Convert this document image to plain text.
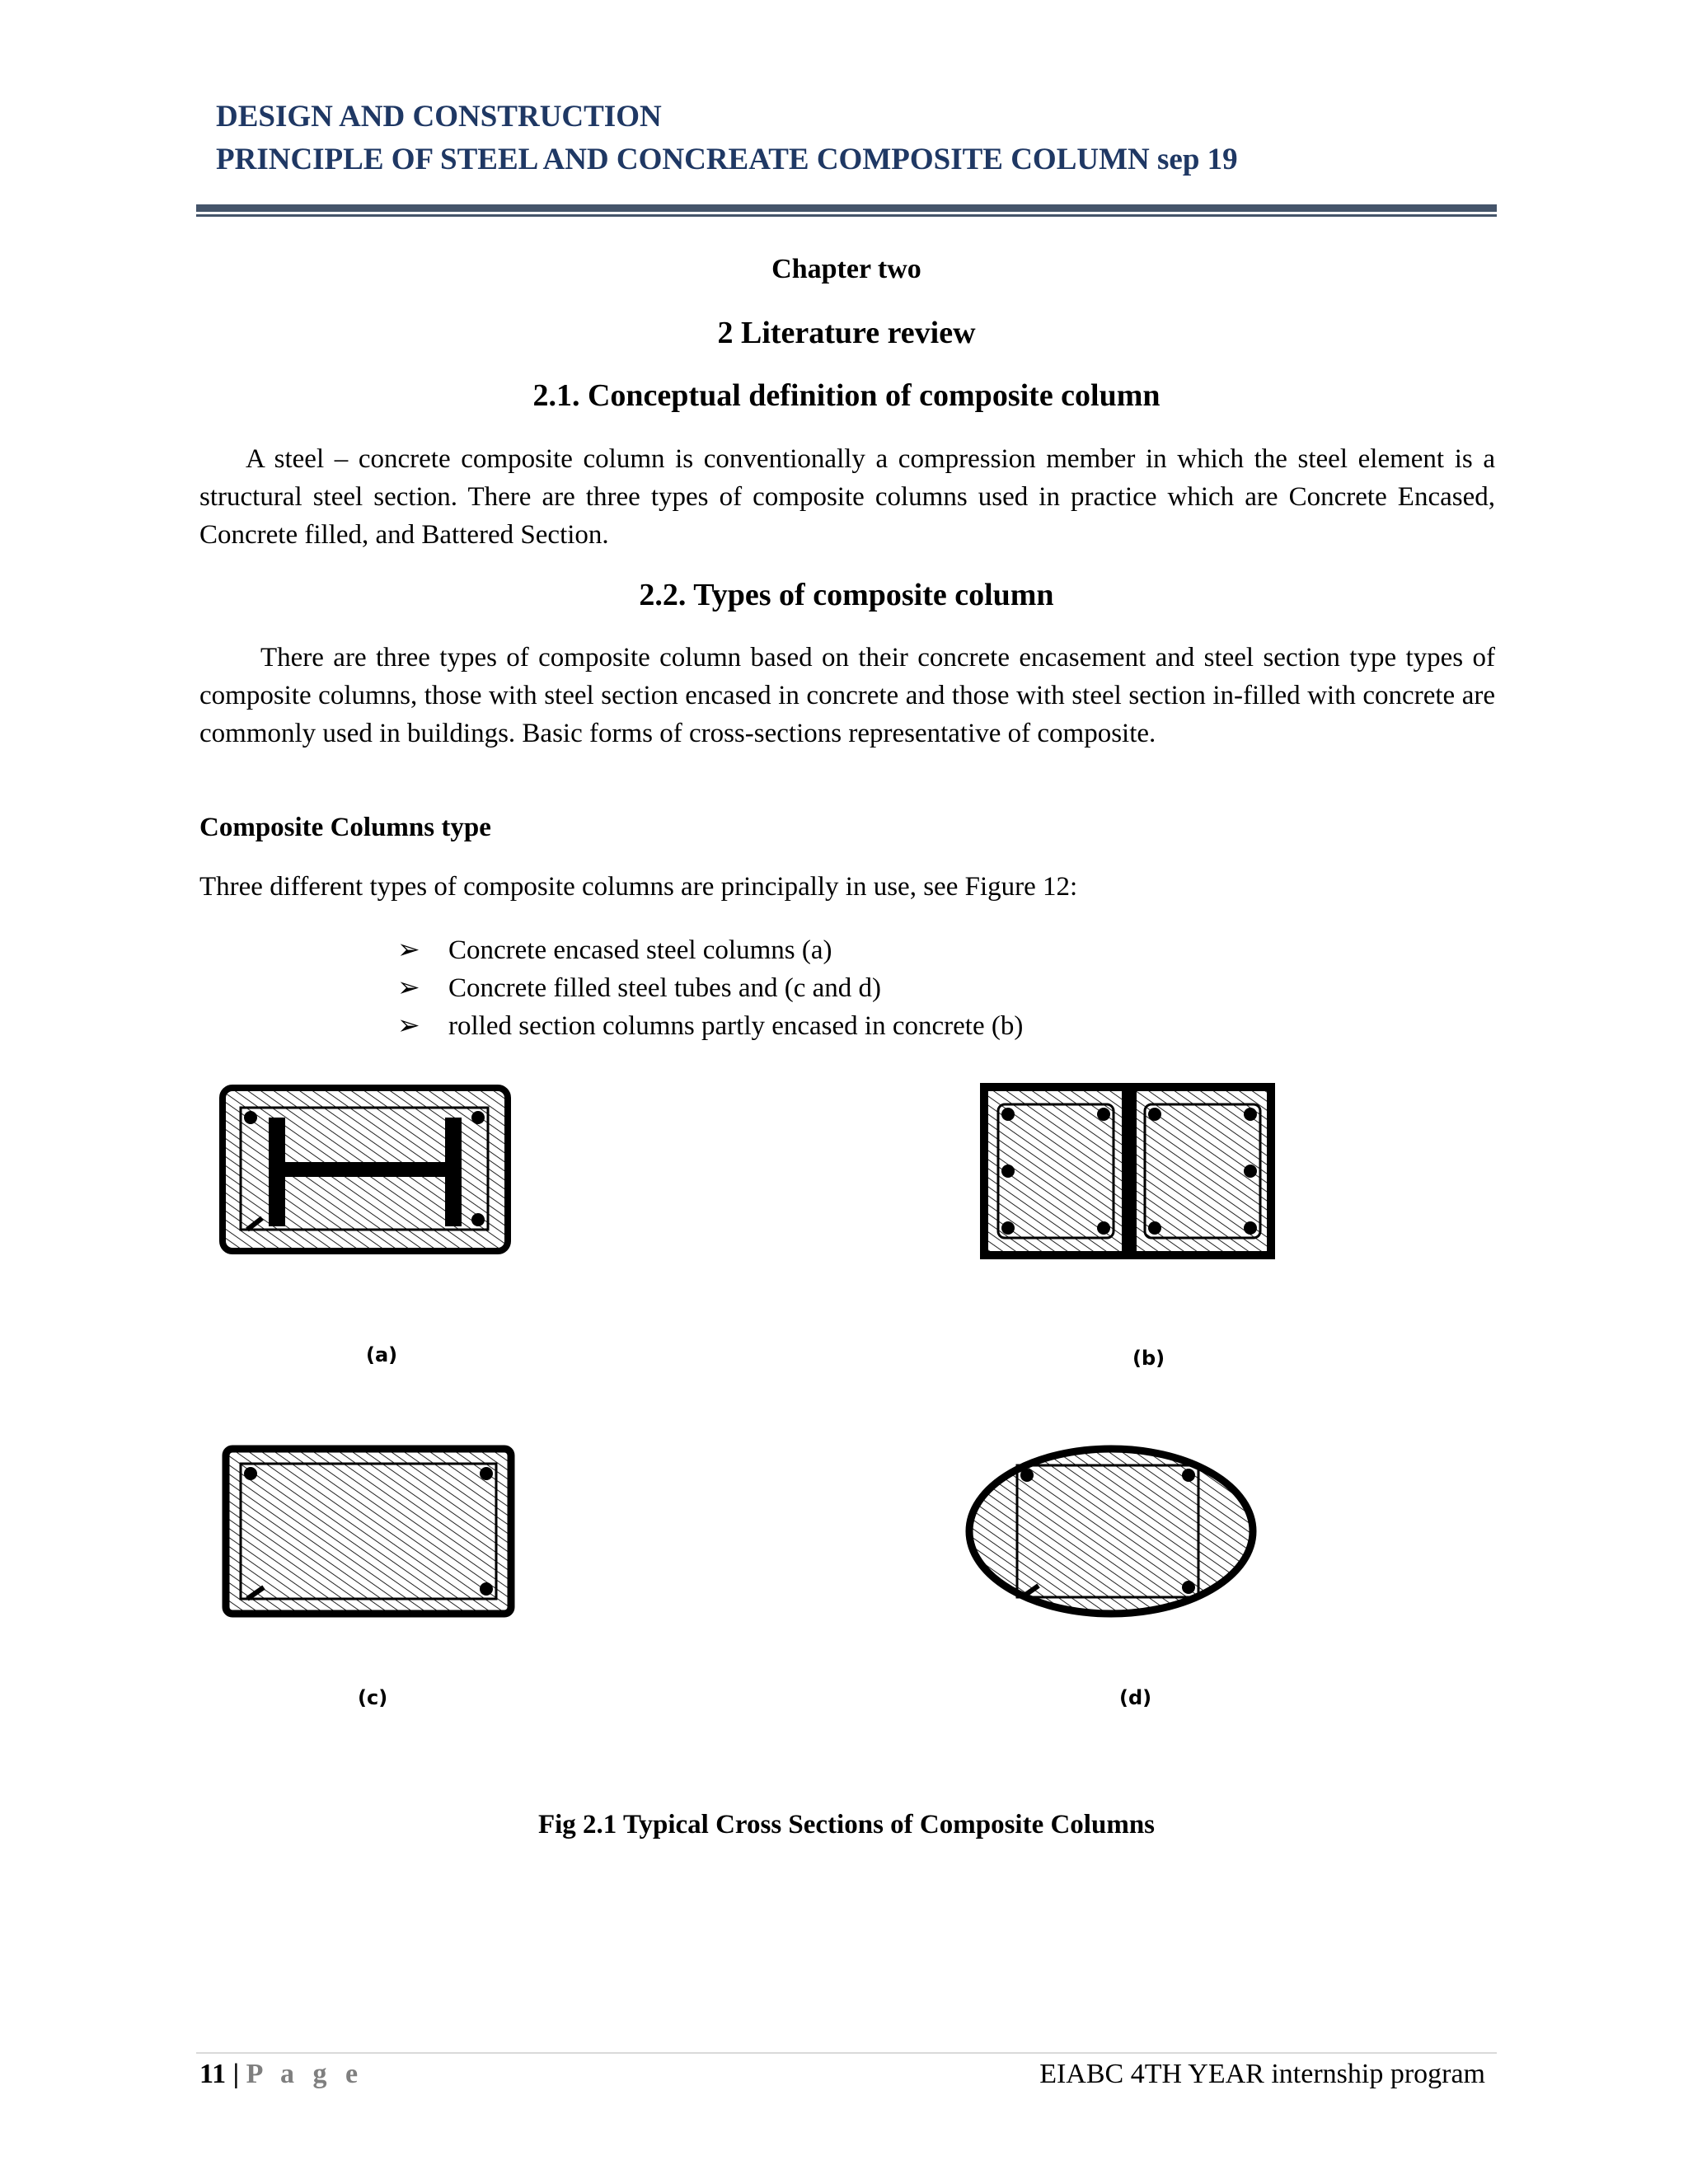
DESIGN AND CONSTRUCTION
PRINCIPLE OF STEEL AND CONCREATE COMPOSITE COLUMN sep 19
Chapter two
2 Literature review
2.1. Conceptual definition of composite column
A steel – concrete composite column is conventionally a compression member in which the steel element is a structural steel section. There are three types of composite columns used in practice which are Concrete Encased, Concrete filled, and Battered Section.
2.2. Types of composite column
There are three types of composite column based on their concrete encasement and steel section type types of composite columns, those with steel section encased in concrete and those with steel section in-filled with concrete are commonly used in buildings. Basic forms of cross-sections representative of composite.
Composite Columns type
Three different types of composite columns are principally in use, see Figure 12:
➢ Concrete encased steel columns (a)
➢ Concrete filled steel tubes and (c and d)
➢ rolled section columns partly encased in concrete (b)
(a)	(b)
(c)	(d)
Fig 2.1 Typical Cross Sections of Composite Columns
11 | P a g e	EIABC 4TH YEAR internship program
